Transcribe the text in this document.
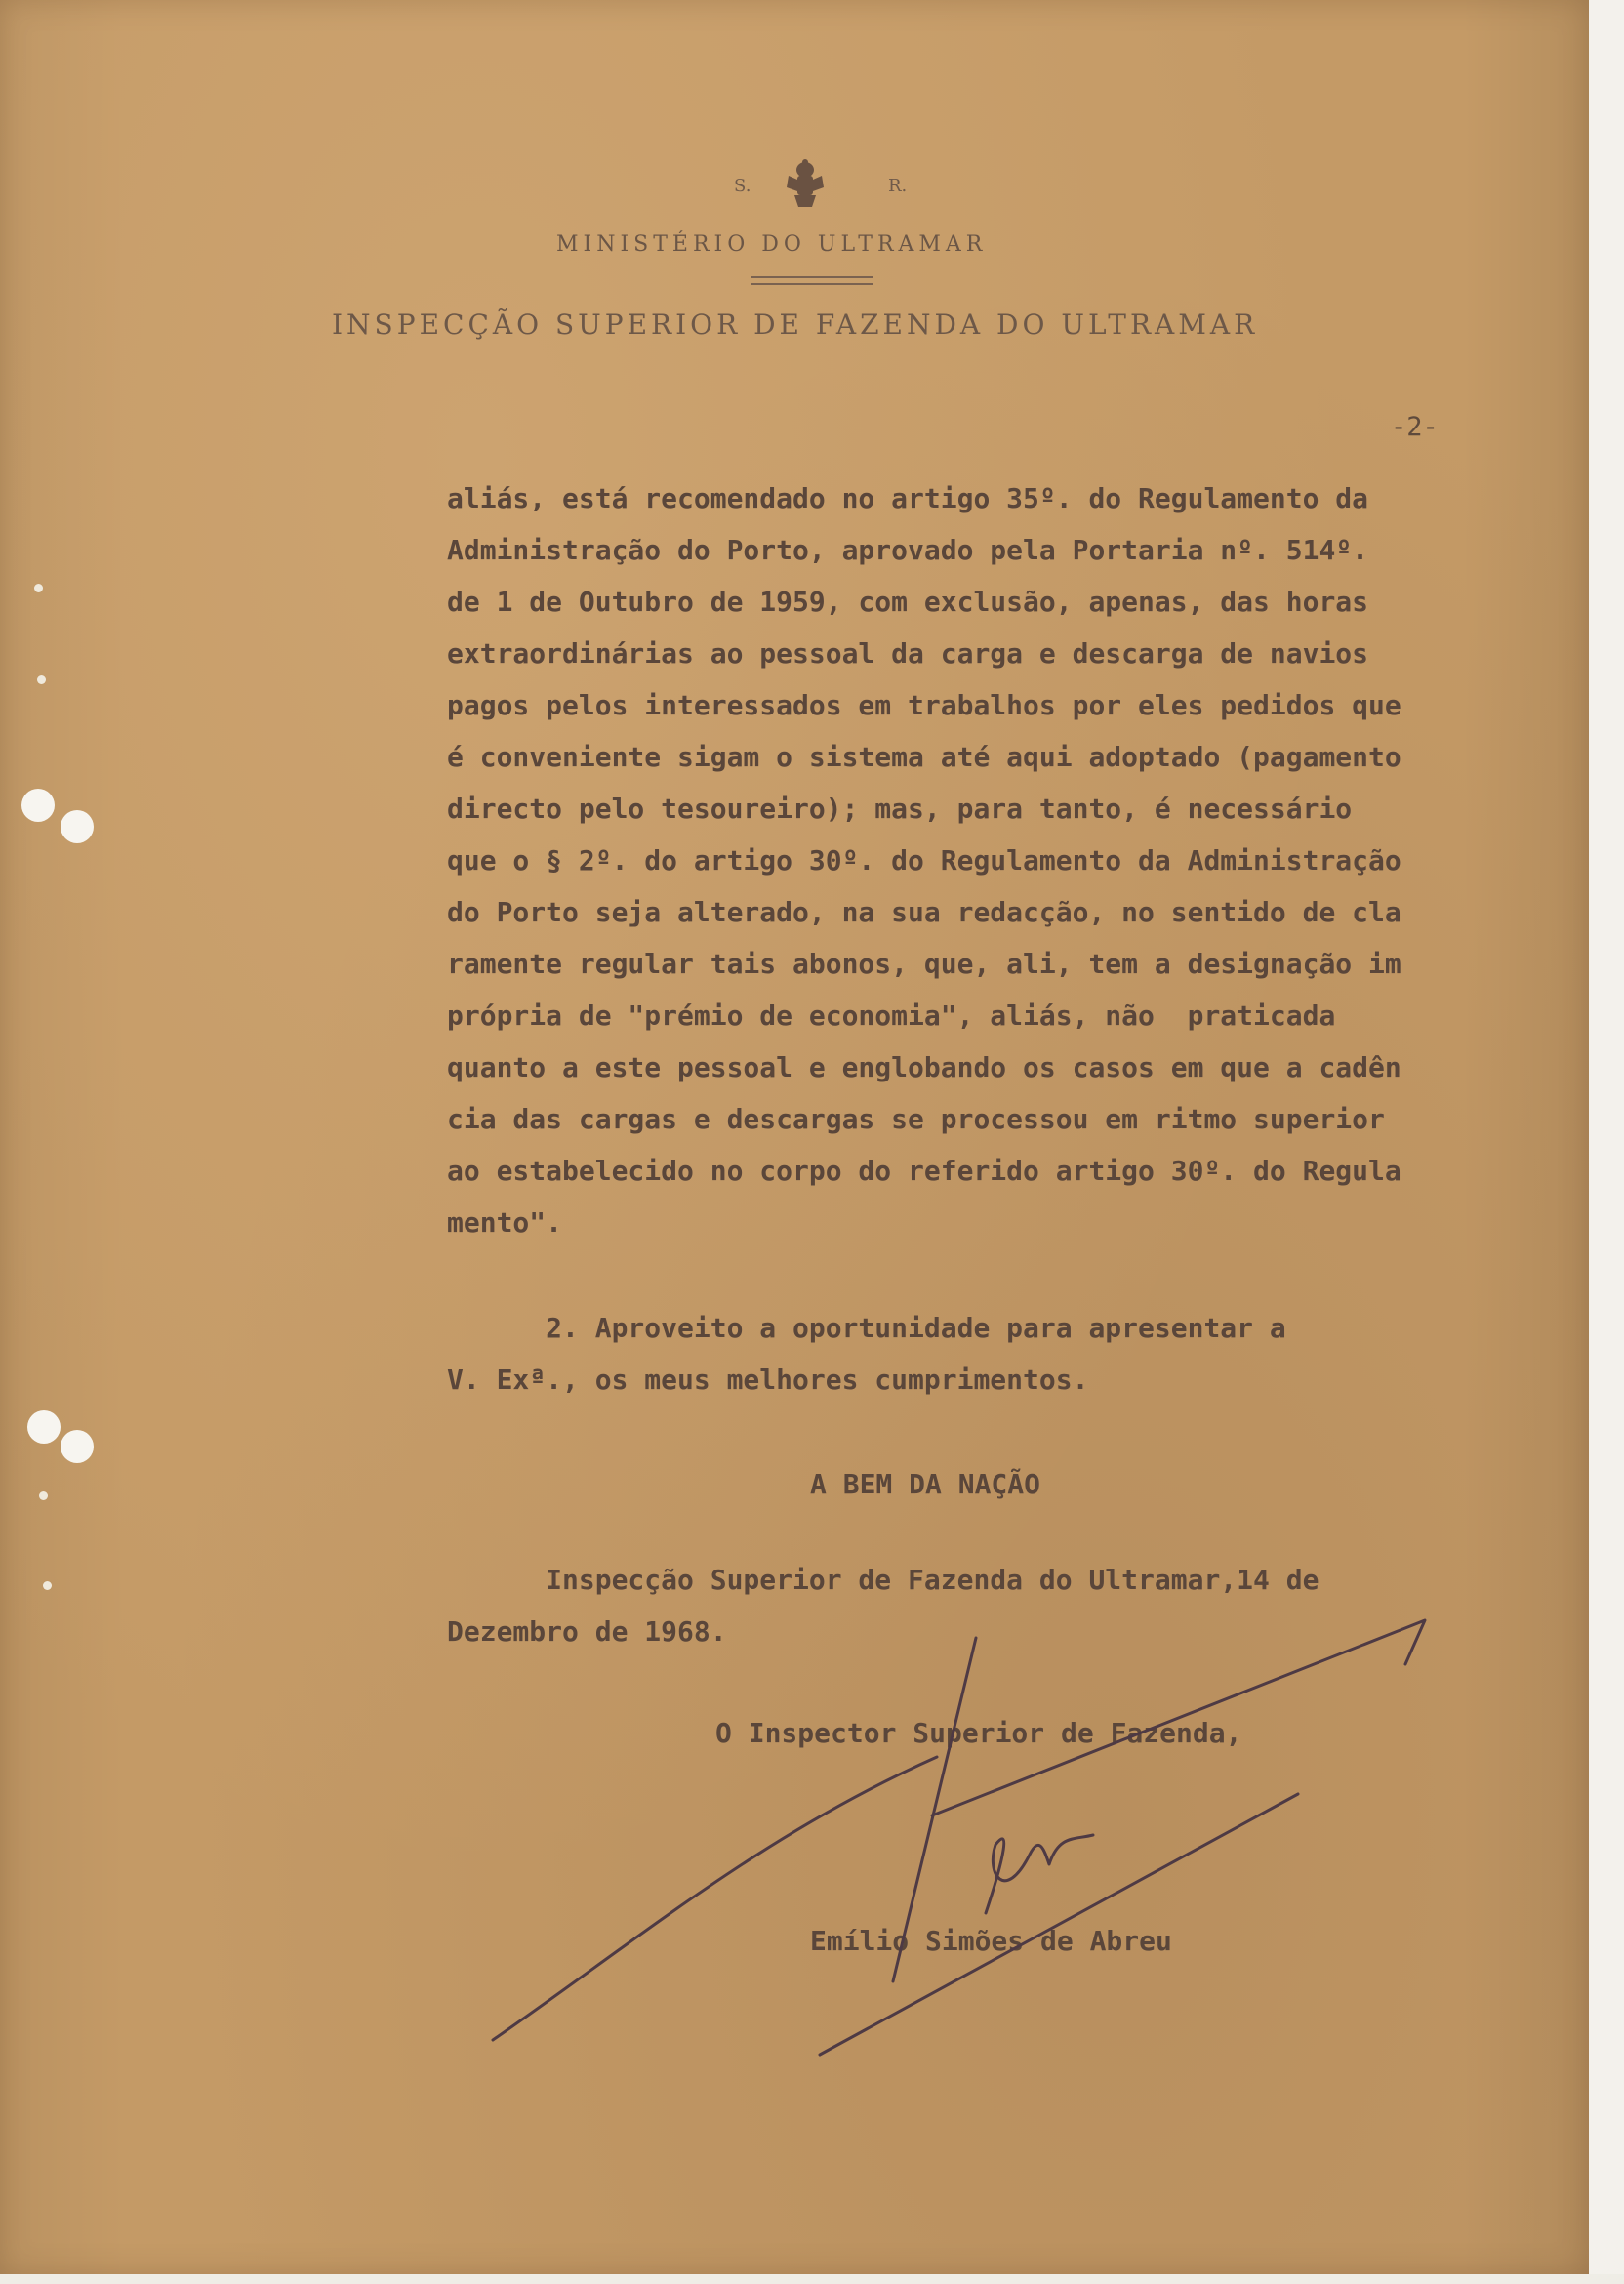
S.	R.
MINISTÉRIO DO ULTRAMAR
INSPECÇÃO SUPERIOR DE FAZENDA DO ULTRAMAR
-2-
aliás, está recomendado no artigo 35º. do Regulamento da
Administração do Porto, aprovado pela Portaria nº. 514º.
de 1 de Outubro de 1959, com exclusão, apenas, das horas
extraordinárias ao pessoal da carga e descarga de navios
pagos pelos interessados em trabalhos por eles pedidos que
é conveniente sigam o sistema até aqui adoptado (pagamento
directo pelo tesoureiro); mas, para tanto, é necessário
que o § 2º. do artigo 30º. do Regulamento da Administração
do Porto seja alterado, na sua redacção, no sentido de cla
ramente regular tais abonos, que, ali, tem a designação im
própria de "prémio de economia", aliás, não  praticada
quanto a este pessoal e englobando os casos em que a cadên
cia das cargas e descargas se processou em ritmo superior
ao estabelecido no corpo do referido artigo 30º. do Regula
mento".
2. Aproveito a oportunidade para apresentar a
V. Exª., os meus melhores cumprimentos.
A BEM DA NAÇÃO
Inspecção Superior de Fazenda do Ultramar,14 de
Dezembro de 1968.
O Inspector Superior de Fazenda,
Emílio Simões de Abreu
